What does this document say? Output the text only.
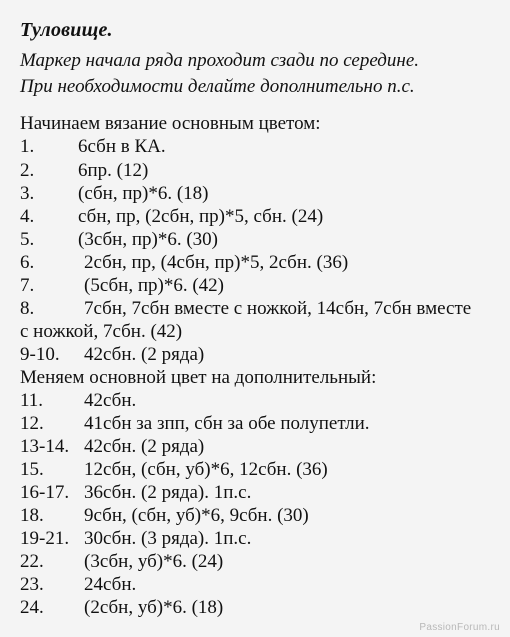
Туловище.
Маркер начала ряда проходит сзади по середине.
При необходимости делайте дополнительно п.с.
Начинаем вязание основным цветом:
1. 6сбн в КА.
2. 6пр. (12)
3. (сбн, пр)*6. (18)
4. сбн, пр, (2сбн, пр)*5, сбн. (24)
5. (3сбн, пр)*6. (30)
6.	2сбн, пр, (4сбн, пр)*5, 2сбн. (36)
7.	(5сбн, пр)*6. (42)
8.	7сбн, 7сбн вместе с ножкой, 14сбн, 7сбн вместе
с ножкой, 7сбн. (42)
9-10. 42сбн. (2 ряда)
Меняем основной цвет на дополнительный:
11. 42сбн.
12. 41сбн за зпп, сбн за обе полупетли.
13-14. 42сбн. (2 ряда)
15. 12сбн, (сбн, уб)*6, 12сбн. (36)
16-17. 36сбн. (2 ряда). 1п.с.
18. 9сбн, (сбн, уб)*6, 9сбн. (30)
19-21. 30сбн. (3 ряда). 1п.с.
22. (3сбн, уб)*6. (24)
23. 24сбн.
24. (2сбн, уб)*6. (18)
PassionForum.ru
